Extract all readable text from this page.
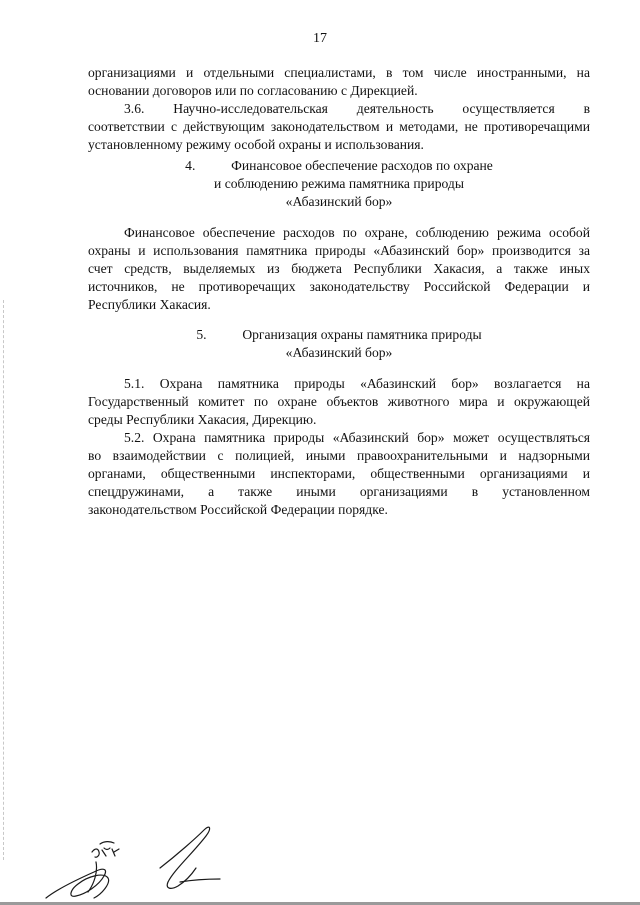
17

организациями и отдельными специалистами, в том числе иностранными, на

основании договоров или по согласованию с Дирекцией.

3.6. Научно-исследовательская деятельность осуществляется в

соответствии с действующим законодательством и методами, не противоречащими

установленному режиму особой охраны и использования.

4.	Финансовое обеспечение расходов по охране
и соблюдению режима памятника природы
«Абазинский бор»

Финансовое обеспечение расходов по охране, соблюдению режима особой

охраны и использования памятника природы «Абазинский бор» производится за

счет средств, выделяемых из бюджета Республики Хакасия, а также иных

источников, не противоречащих законодательству Российской Федерации и

Республики Хакасия.

5.	Организация охраны памятника природы
«Абазинский бор»

5.1. Охрана памятника природы «Абазинский бор» возлагается на

Государственный комитет по охране объектов животного мира и окружающей

среды Республики Хакасия, Дирекцию.

5.2. Охрана памятника природы «Абазинский бор» может осуществляться

во взаимодействии с полицией, иными правоохранительными и надзорными

органами, общественными инспекторами, общественными организациями и

спецдружинами, а также иными организациями в установленном

законодательством Российской Федерации порядке.
